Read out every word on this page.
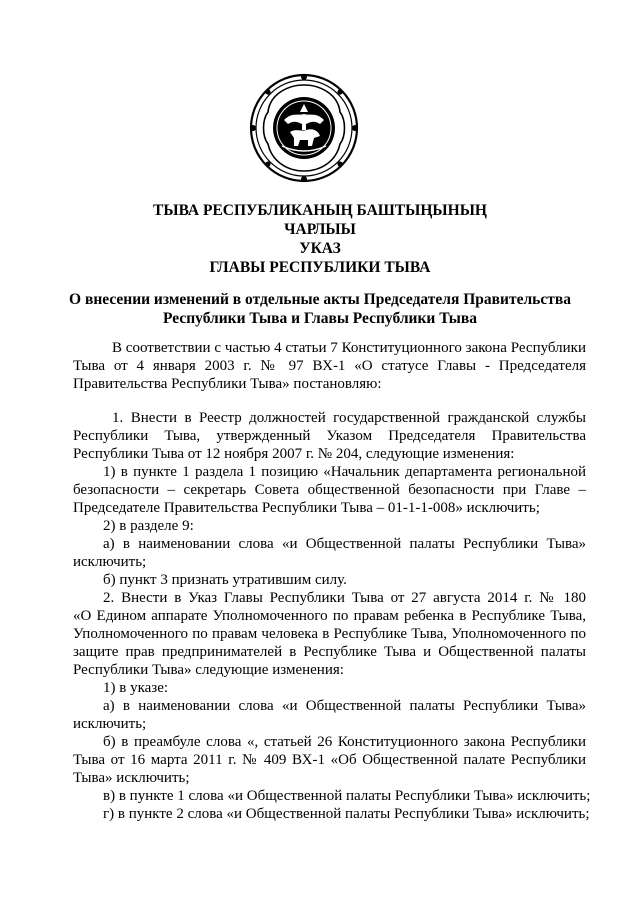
ТЫВА РЕСПУБЛИКАНЫҢ БАШТЫҢЫНЫҢ
ЧАРЛЫЫ
УКАЗ
ГЛАВЫ РЕСПУБЛИКИ ТЫВА
О внесении изменений в отдельные акты Председателя Правительства
Республики Тыва и Главы Республики Тыва
В соответствии с частью 4 статьи 7 Конституционного закона Республики
Тыва от 4 января 2003 г. № 97 ВХ-1 «О статусе Главы - Председателя
Правительства Республики Тыва» постановляю:
1. Внести в Реестр должностей государственной гражданской службы
Республики Тыва, утвержденный Указом Председателя Правительства
Республики Тыва от 12 ноября 2007 г. № 204, следующие изменения:
1) в пункте 1 раздела 1 позицию «Начальник департамента региональной
безопасности – секретарь Совета общественной безопасности при Главе –
Председателе Правительства Республики Тыва – 01-1-1-008» исключить;
2) в разделе 9:
а) в наименовании слова «и Общественной палаты Республики Тыва»
исключить;
б) пункт 3 признать утратившим силу.
2. Внести в Указ Главы Республики Тыва от 27 августа 2014 г. № 180
«О Едином аппарате Уполномоченного по правам ребенка в Республике Тыва,
Уполномоченного по правам человека в Республике Тыва, Уполномоченного по
защите прав предпринимателей в Республике Тыва и Общественной палаты
Республики Тыва» следующие изменения:
1) в указе:
а) в наименовании слова «и Общественной палаты Республики Тыва»
исключить;
б) в преамбуле слова «, статьей 26 Конституционного закона Республики
Тыва от 16 марта 2011 г. № 409 ВХ-1 «Об Общественной палате Республики
Тыва» исключить;
в) в пункте 1 слова «и Общественной палаты Республики Тыва» исключить;
г) в пункте 2 слова «и Общественной палаты Республики Тыва» исключить;
